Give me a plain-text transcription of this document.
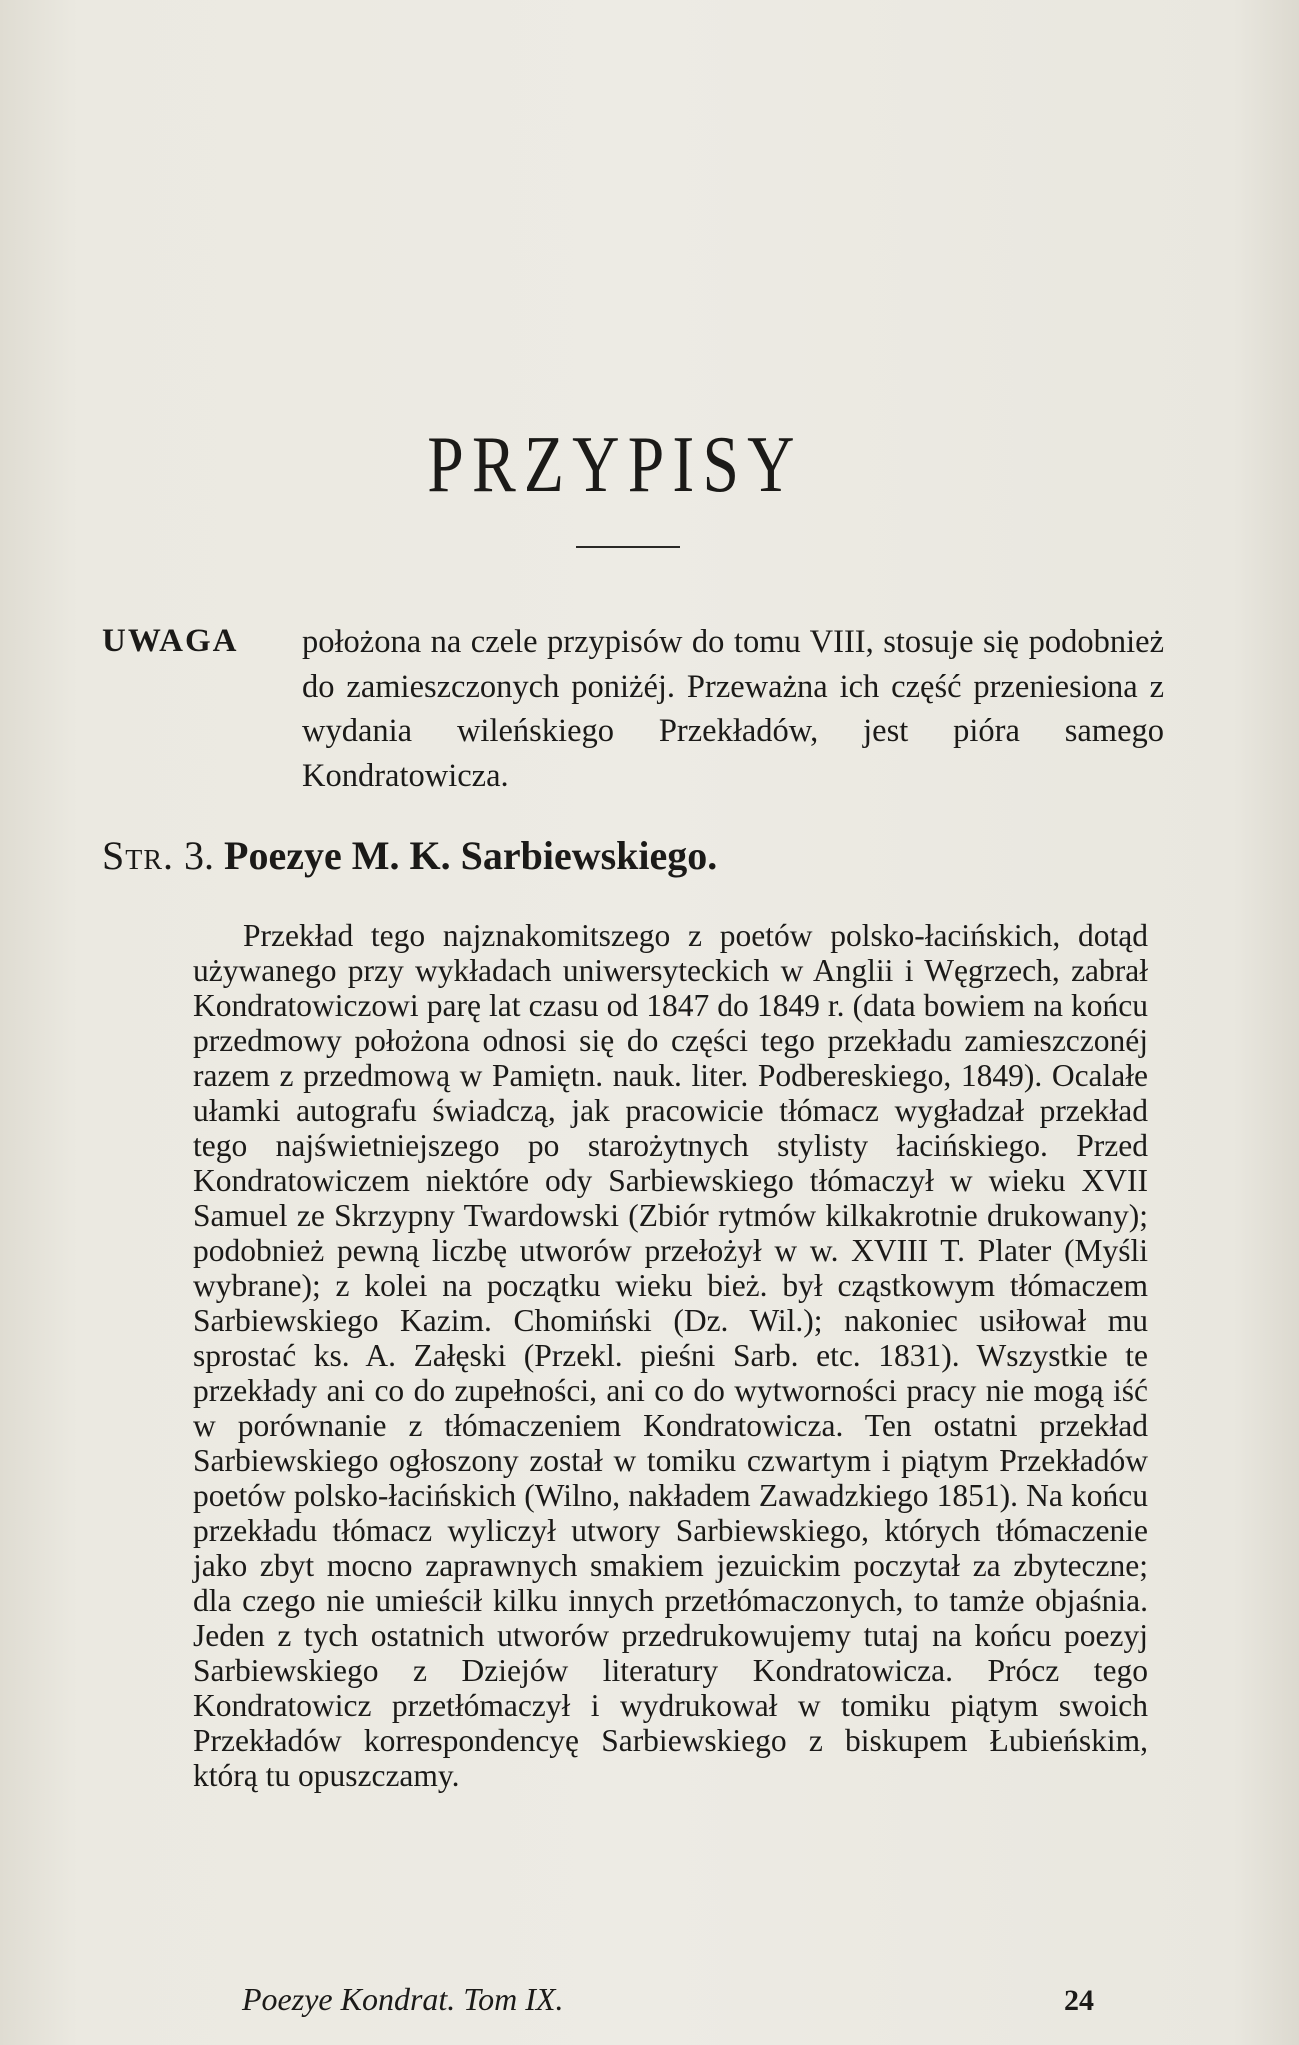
PRZYPISY
UWAGA położona na czele przypisów do tomu VIII, stosuje się podobnież do zamieszczonych poniżéj. Przeważna ich część przeniesiona z wydania wileńskiego Przekładów, jest pióra samego Kondratowicza.
Str. 3. Poezye M. K. Sarbiewskiego.

Przekład tego najznakomitszego z poetów polsko-łacińskich, dotąd używanego przy wykładach uniwersyteckich w Anglii i Węgrzech, zabrał Kondratowiczowi parę lat czasu od 1847 do 1849 r. (data bowiem na końcu przedmowy położona odnosi się do części tego przekładu zamieszczonéj razem z przedmową w Pamiętn. nauk. liter. Podbereskiego, 1849). Ocalałe ułamki autografu świadczą, jak pracowicie tłómacz wygładzał przekład tego najświetniejszego po starożytnych stylisty łacińskiego. Przed Kondratowiczem niektóre ody Sarbiewskiego tłómaczył w wieku XVII Samuel ze Skrzypny Twardowski (Zbiór rytmów kilkakrotnie drukowany); podobnież pewną liczbę utworów przełożył w w. XVIII T. Plater (Myśli wybrane); z kolei na początku wieku bież. był cząstkowym tłómaczem Sarbiewskiego Kazim. Chomiński (Dz. Wil.); nakoniec usiłował mu sprostać ks. A. Załęski (Przekl. pieśni Sarb. etc. 1831). Wszystkie te przekłady ani co do zupełności, ani co do wytworności pracy nie mogą iść w porównanie z tłómaczeniem Kondratowicza. Ten ostatni przekład Sarbiewskiego ogłoszony został w tomiku czwartym i piątym Przekładów poetów polsko-łacińskich (Wilno, nakładem Zawadzkiego 1851). Na końcu przekładu tłómacz wyliczył utwory Sarbiewskiego, których tłómaczenie jako zbyt mocno zaprawnych smakiem jezuickim poczytał za zbyteczne; dla czego nie umieścił kilku innych przetłómaczonych, to tamże objaśnia. Jeden z tych ostatnich utworów przedrukowujemy tutaj na końcu poezyj Sarbiewskiego z Dziejów literatury Kondratowicza. Prócz tego Kondratowicz przetłómaczył i wydrukował w tomiku piątym swoich Przekładów korrespondencyę Sarbiewskiego z biskupem Łubieńskim, którą tu opuszczamy.

Poezye Kondrat. Tom IX.	24
